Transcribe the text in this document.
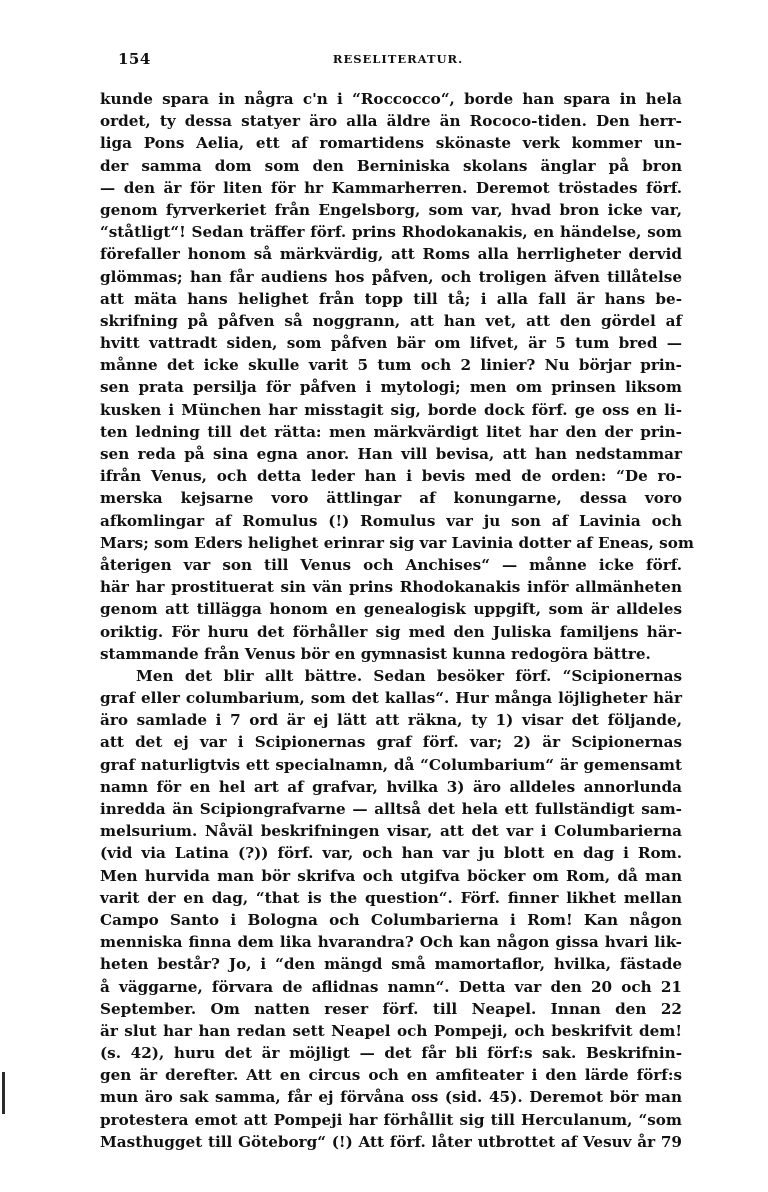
154	RESELITERATUR.
kunde spara in några c'n i “Roccocco“, borde han spara in hela
ordet, ty dessa statyer äro alla äldre än Rococo-tiden. Den herr-
liga Pons Aelia, ett af romartidens skönaste verk kommer un-
der samma dom som den Berniniska skolans änglar på bron
— den är för liten för hr Kammarherren. Deremot tröstades förf.
genom fyrverkeriet från Engelsborg, som var, hvad bron icke var,
“ståtligt“! Sedan träffer förf. prins Rhodokanakis, en händelse, som
förefaller honom så märkvärdig, att Roms alla herrligheter dervid
glömmas; han får audiens hos påfven, och troligen äfven tillåtelse
att mäta hans helighet från topp till tå; i alla fall är hans be-
skrifning på påfven så noggrann, att han vet, att den gördel af
hvitt vattradt siden, som påfven bär om lifvet, är 5 tum bred —
månne det icke skulle varit 5 tum och 2 linier? Nu börjar prin-
sen prata persilja för påfven i mytologi; men om prinsen liksom
kusken i München har misstagit sig, borde dock förf. ge oss en li-
ten ledning till det rätta: men märkvärdigt litet har den der prin-
sen reda på sina egna anor. Han vill bevisa, att han nedstammar
ifrån Venus, och detta leder han i bevis med de orden: “De ro-
merska kejsarne voro ättlingar af konungarne, dessa voro
afkomlingar af Romulus (!) Romulus var ju son af Lavinia och
Mars; som Eders helighet erinrar sig var Lavinia dotter af Eneas, som
återigen var son till Venus och Anchises“ — månne icke förf.
här har prostituerat sin vän prins Rhodokanakis inför allmänheten
genom att tillägga honom en genealogisk uppgift, som är alldeles
oriktig. För huru det förhåller sig med den Juliska familjens här-
stammande från Venus bör en gymnasist kunna redogöra bättre.
Men det blir allt bättre. Sedan besöker förf. “Scipionernas
graf eller columbarium, som det kallas“. Hur många löjligheter här
äro samlade i 7 ord är ej lätt att räkna, ty 1) visar det följande,
att det ej var i Scipionernas graf förf. var; 2) är Scipionernas
graf naturligtvis ett specialnamn, då “Columbarium“ är gemensamt
namn för en hel art af grafvar, hvilka 3) äro alldeles annorlunda
inredda än Scipiongrafvarne — alltså det hela ett fullständigt sam-
melsurium. Nåväl beskrifningen visar, att det var i Columbarierna
(vid via Latina (?)) förf. var, och han var ju blott en dag i Rom.
Men hurvida man bör skrifva och utgifva böcker om Rom, då man
varit der en dag, “that is the question“. Förf. finner likhet mellan
Campo Santo i Bologna och Columbarierna i Rom! Kan någon
menniska finna dem lika hvarandra? Och kan någon gissa hvari lik-
heten består? Jo, i “den mängd små mamortaflor, hvilka, fästade
å väggarne, förvara de aflidnas namn“. Detta var den 20 och 21
September. Om natten reser förf. till Neapel. Innan den 22
är slut har han redan sett Neapel och Pompeji, och beskrifvit dem!
(s. 42), huru det är möjligt — det får bli förf:s sak. Beskrifnin-
gen är derefter. Att en circus och en amfiteater i den lärde förf:s
mun äro sak samma, får ej förvåna oss (sid. 45). Deremot bör man
protestera emot att Pompeji har förhållit sig till Herculanum, “som
Masthugget till Göteborg“ (!) Att förf. låter utbrottet af Vesuv år 79
